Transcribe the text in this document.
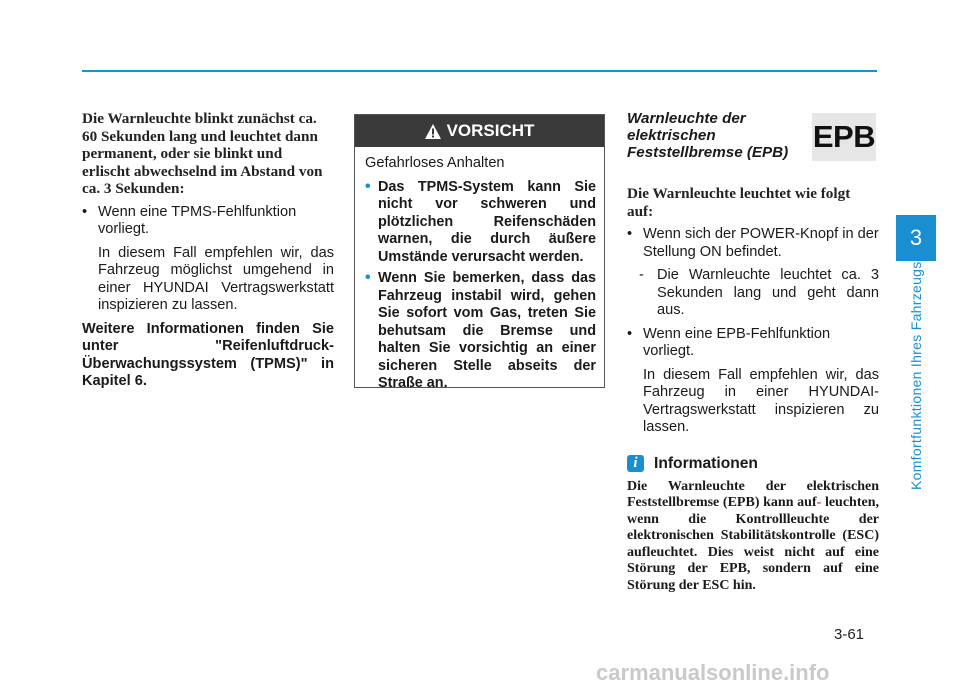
Die Warnleuchte blinkt zunächst ca. 60 Sekunden lang und leuchtet dann permanent, oder sie blinkt und erlischt abwechselnd im Abstand von ca. 3 Sekunden:

• Wenn eine TPMS-Fehlfunktion vorliegt.

In diesem Fall empfehlen wir, das Fahrzeug möglichst umgehend in einer HYUNDAI Vertragswerkstatt inspizieren zu lassen.

Weitere Informationen finden Sie unter "Reifenluftdruck-Überwachungssystem (TPMS)" in Kapitel 6.

VORSICHT

Gefahrloses Anhalten

• Das TPMS-System kann Sie nicht vor schweren und plötzlichen Reifenschäden warnen, die durch äußere Umstände verursacht werden.

• Wenn Sie bemerken, dass das Fahrzeug instabil wird, gehen Sie sofort vom Gas, treten Sie behutsam die Bremse und halten Sie vorsichtig an einer sicheren Stelle abseits der Straße an.

EPB

Warnleuchte der elektrischen Feststellbremse (EPB)

Die Warnleuchte leuchtet wie folgt auf:

• Wenn sich der POWER-Knopf in der Stellung ON befindet.

- Die Warnleuchte leuchtet ca. 3 Sekunden lang und geht dann aus.

• Wenn eine EPB-Fehlfunktion vorliegt.

In diesem Fall empfehlen wir, das Fahrzeug in einer HYUNDAI-Vertragswerkstatt inspizieren zu lassen.

i	Informationen

Die Warnleuchte der elektrischen Feststellbremse (EPB) kann auf- leuchten, wenn die Kontrollleuchte der elektronischen Stabilitätskontrolle (ESC) aufleuchtet. Dies weist nicht auf eine Störung der EPB, sondern auf eine Störung der ESC hin.

3
Komfortfunktionen Ihres Fahrzeugs
3-61
carmanualsonline.info
